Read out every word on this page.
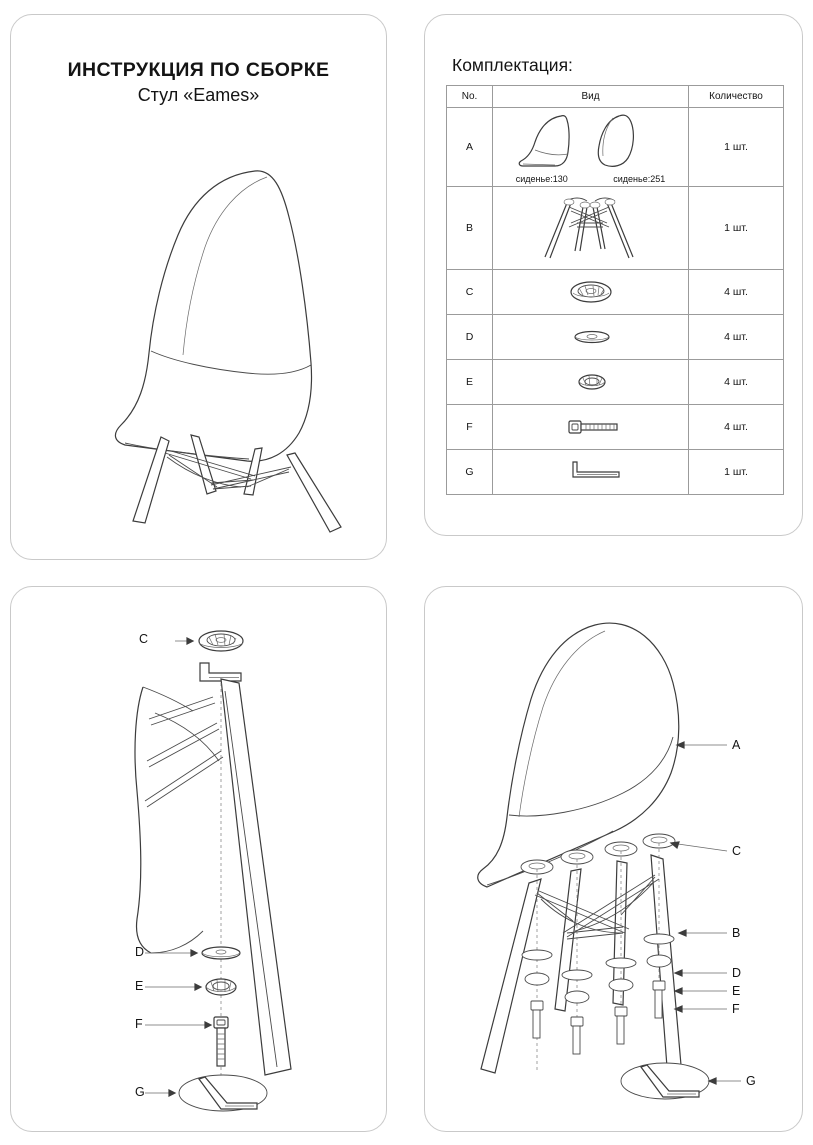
ИНСТРУКЦИЯ ПО СБОРКЕ
Стул «Eames»
Комплектация:
No.	Вид	Количество
A	сиденье:130 сиденье:251	1 шт.
B		1 шт.
C		4 шт.
D		4 шт.
E		4 шт.
F		4 шт.
G		1 шт.
C
D
E
F
G
A
C
B
D
E
F
G
